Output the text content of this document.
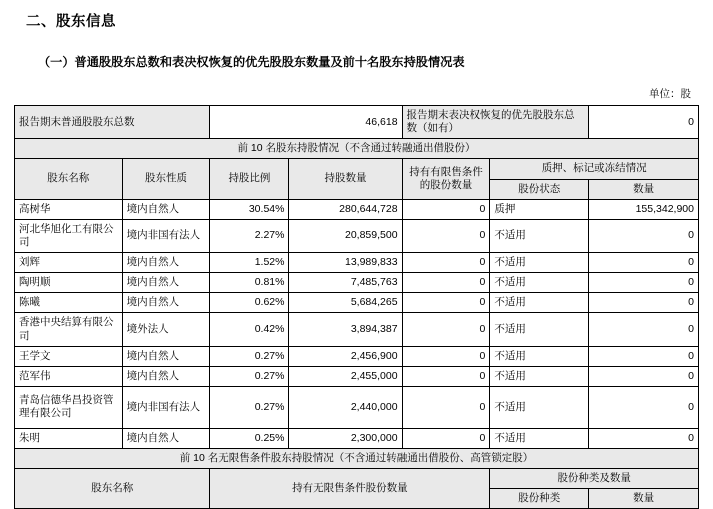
二、股东信息
（一）普通股股东总数和表决权恢复的优先股股东数量及前十名股东持股情况表
单位：股
报告期末普通股股东总数		46,618		报告期末表决权恢复的优先股股东总数（如有）		0
前 10 名股东持股情况（不含通过转融通出借股份）						
股东名称	股东性质	持股比例	持股数量	持有有限售条件的股份数量	质押、标记或冻结情况	
					股份状态	数量
高树华	境内自然人	30.54%	280,644,728	0	质押	155,342,900
河北华旭化工有限公司	境内非国有法人	2.27%	20,859,500	0	不适用	0
刘辉	境内自然人	1.52%	13,989,833	0	不适用	0
陶明顺	境内自然人	0.81%	7,485,763	0	不适用	0
陈曦	境内自然人	0.62%	5,684,265	0	不适用	0
香港中央结算有限公司	境外法人	0.42%	3,894,387	0	不适用	0
王学文	境内自然人	0.27%	2,456,900	0	不适用	0
范军伟	境内自然人	0.27%	2,455,000	0	不适用	0
青岛信德华昌投资管理有限公司	境内非国有法人	0.27%	2,440,000	0	不适用	0
朱明	境内自然人	0.25%	2,300,000	0	不适用	0
前 10 名无限售条件股东持股情况（不含通过转融通出借股份、高管锁定股）						
股东名称		持有无限售条件股份数量			股份种类及数量	
					股份种类	数量
